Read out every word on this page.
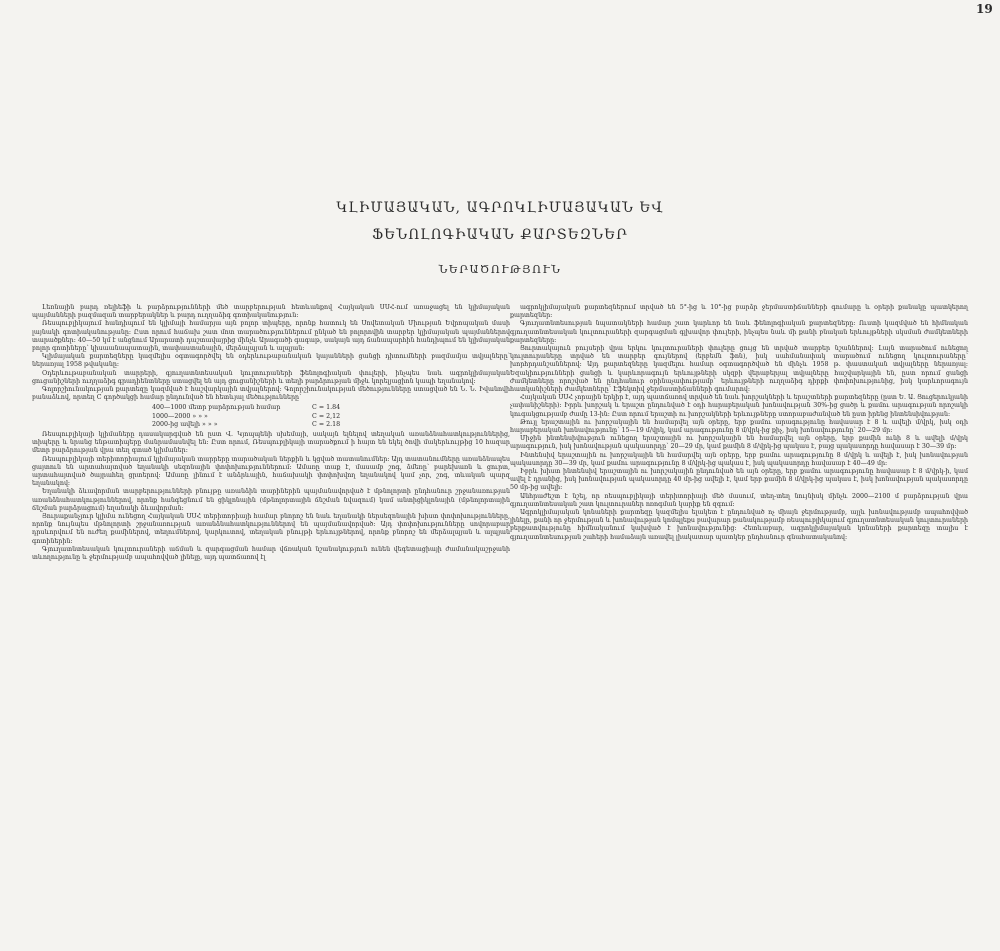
19
ԿԼԻՄԱՅԱԿԱՆ, ԱԳՐՈԿԼԻՄԱՅԱԿԱՆ ԵՎ
ՖԵՆՈԼՈԳԻԱԿԱՆ ՔԱՐՏԵԶՆԵՐ
ՆԵՐԱԾՈՒԹՅՈՒՆ

Լեռնային բարդ ռելիեֆի և բարձրությունների մեծ տարբերության հետևանքով Հայկական ՍՍՀ-ում առաջացել են կլիմայական պայմանների բազմազան տարբերակներ և բարդ ուղղաձիգ գոտիականություն:

Ռեսպուբլիկայում հանդիպում են կլիմայի համարյա այն բոլոր տիպերը, որոնք հատուկ են Սովետական Միության Եվրոպական մասի լայնակի գոտիականությանը: Ըստ որում հաճախ շատ մոտ տարածություններում ընկած են բոլորովին տարբեր կլիմայական պայմաններով տարածքներ: 40—50 կմ է անցնում Արարատի դաշտավայրից մինչև Արագածի գագաթ, սակայն այդ ճանապարհին հանդիպում են կլիմայական բոլոր գոտիները՝ կիսաանապատային, տափաստանային, մերձալպյան և ալպյան:

Կլիմայական քարտեզները կազմելիս օգտագործվել են օդերևութաբանական կայանների ցանցի դիտումների բազմամյա տվյալները՝ ներառյալ 1958 թվականը:

Օդերևութաբանական տարրերի, գյուղատնտեսական կուլտուրաների ֆենոլոգիական փուլերի, ինչպես նաև ագրոկլիմայական ցուցանիշների ուղղաձիգ գրադիենտները ստացվել են այդ ցուցանիշների և տեղի բարձրության միջև կորելյացիոն կապի եղանակով:

Գոլորշիունակության քարտեզը կազմված է հաշվարկային տվյալներով: Գոլորշիունակության մեծությունները ստացված են Ն. Ն. Իվանովի բանաձևով, որտեղ C գործակցի համար ընդունված են հետևյալ մեծությունները՝

400—1000 մետր բարձրության համար	C = 1.84
1000—2000 » » »	C = 2,12
2000-ից ավելի » » »	C = 2.18

Ռեսպուբլիկայի կլիմաները դասակարգված են ըստ Վ. Կյոպպենի սխեմայի, սակայն ելնելով տեղական առանձնահատկություններից, տիպերը և նրանց ենթատիպերը մանրամասնվել են: Ըստ որում, Ռեսպուբլիկայի տարածքում ի հայտ են եկել ծովի մակերևույթից 10 հազար մետր բարձրության վրա տեղ գտած կլիմաներ:

Ռեսպուբլիկայի տերիտորիայում կլիմայական տարրերը տարածական ներքին և կցված տատանումներ: Այդ տատանումները առանձնապես ցայտուն են արտահայտված եղանակի սեզոնային փոփոխություններում: Ամառը տաք է, մասամբ շոգ, ձմեռը՝ բարեխառն և ցուրտ, արտահայտված ծայրահեղ ցրտերով: Ամառը լինում է անձրևային, հաճախակի փոփոխվող եղանակով կամ չոր, շոգ, տևական պարզ եղանակով:

Եղանակի ձևավորման տարբերությունների բնույթը առանձին տարիներին պայմանավորված է մթնոլորտի ընդհանուր շրջանառության առանձնահատկություններով, որոնք հանգեցնում են ցիկլոնային (մթնոլորտային ճնշման նվազում) կամ անտիցիկլոնային (մթնոլորտային ճնշման բարձրացում) եղանակի ձևավորման:

Յուրաքանչյուր կլիմա ունեցող Հայկական ՍՍՀ տերիտորիայի համար բնորոշ են նաև եղանակի ներսեզոնային խիստ փոփոխությունները, որոնք նույնպես մթնոլորտի շրջանառության առանձնահատկություններով են պայմանավորված: Այդ փոփոխությունները սովորաբար դրսևորվում են ուժեղ քամիներով, տեղումներով, կարկուտով, տեղական բնույթի երևույթներով, որոնք բնորոշ են մերձալպյան և ալպյան գոտիներին:

Գյուղատնտեսական կուլտուրաների աճման և զարգացման համար վճռական նշանակություն ունեն վեգետացիայի ժամանակաշրջանի տևողությունը և ջերմությամբ ապահովված լինելը, այդ պատճառով էլ

ագրոկլիմայական քարտեզներում տրված են 5°-ից և 10°-ից բարձր ջերմաստիճանների գումարը և օրերի քանակը պատկերող քարտեզներ:

Գյուղատնտեսության նպատակների համար շատ կարևոր են նաև ֆենոլոգիական քարտեզները: Ուստի կազմված են հիմնական գյուղատնտեսական կուլտուրաների զարգացման գլխավոր փուլերի, ինչպես նաև մի քանի բնական երևույթների սկսման ժամկետների քարտեզները:

Ցուրտակայուն բույսերի վրա երկու կուլտուրաների փուլերը ցույց են տրված տարբեր նշաններով: Լայն տարածում ունեցող կուլտուրաները տրված են տարբեր գույներով (երբեմն ֆոն), իսկ սահմանափակ տարածում ունեցող կուլտուրաները՝ խորհրդանշաններով: Այդ քարտեզները կազմելու համար օգտագործված են մինչև 1958 թ. փաստական տվյալները ներառյալ: Եզակիությունների ցանցի և կարևորագույն երևույթների սկզբի վերաբերյալ տվյալները հաշվարկային են, ըստ որում ցանցի ժամկետները որոշված են ընդհանուր օրինաչափությամբ՝ երևույթների ուղղաձիգ դիրքի փոփոխությունից, իսկ կարևորագույն հատկանիշների ժամկետները՝ Էֆեկտիվ ջերմաստիճանների գումարով:

Հայկական ՍՍՀ չորային երկիր է, այդ պատճառով տրված են նաև խորշակների և երաշտների քարտեզները (ըստ Ե. Ա. Ցուցերուկյանի չափանիշների): Իրրև խորշակ և երաշտ ընդունված է օդի հարաբերական խոնավության 30%-ից ցածր և քամու արագության որոշակի կուգակցությամբ ժամը 13-ին: Ըստ որում երաշտի ու խորշակների երևույթները ստորաբաժանված են ըստ իրենց ինտենսիվության:

Թույլ երաշտային ու խորշակային են համարվել այն օրերը, երբ քամու արագությունը հավասար է 8 և ավելի մ/վրկ, իսկ օդի հարաբերական խոնավությունը՝ 15—19 մ/վրկ, կամ արագությունը 8 մ/վրկ-ից քիչ, իսկ խոնավությունը՝ 20—29 մր:

Միջին ինտենսիվություն ունեցող երաշտային ու խորշակային են համարվել այն օրերը, երբ քամին ունի 8 և ավելի մ/վրկ արագություն, իսկ խոնավության պակասորդը՝ 20—29 մր, կամ քամին 8 մ/վրկ-ից պակաս է, բայց պակասորդը հավասար է 30—39 մր:

Ինտենսիվ երաշտային ու խորշակային են համարվել այն օրերը, երբ քամու արագությունը 8 մ/վրկ և ավելի է, իսկ խոնավության պակասորդը 30—39 մր, կամ քամու արագությունը 8 մ/վրկ-ից պակաս է, իսկ պակասորդը հավասար է 40—49 մր:

Իբրև խիստ ինտենսիվ երաշտային ու խորշակային ընդունված են այն օրերը, երբ քամու արագությունը հավասար է 8 մ/վրկ-ի, կամ ավել է դրանից, իսկ խոնավության պակասորդը 40 մր-ից ավելի է, կամ երբ քամին 8 մ/վրկ-ից պակաս է, իսկ խոնավության պակասորդը 50 մր-ից ավելի:

Անհրաժեշտ է նշել, որ ռեսպուբլիկայի տերիտորիայի մեծ մասում, տեղ-տեղ նույնիսկ մինչև 2000—2100 մ բարձրության վրա գյուղատնտեսական շատ կուլտուրաներ ոռոգման կարիք են զգում:

Ագրոկլիմայական կոնաների քարտեզը կազմելիս ելակետ է ընդունված ոչ միայն ջերմությամբ, այլև խոնավությամբ ապահովված լինելը, քանի որ ջերմության և խոնավության կոմպլեքս բավարար քանակությամբ ռեսպուբլիկայում գյուղատնտեսական կուլտուրաների բերքատվությունը հիմնականում կախված է խոնավությունից: Հետևաբար, ագրոկլիմայական կոնաների քարտեզը տալիս է գյուղատնտեսության շահերի համաձայն առավել լիակատար պատկեր ընդհանուր գնահատականով:
